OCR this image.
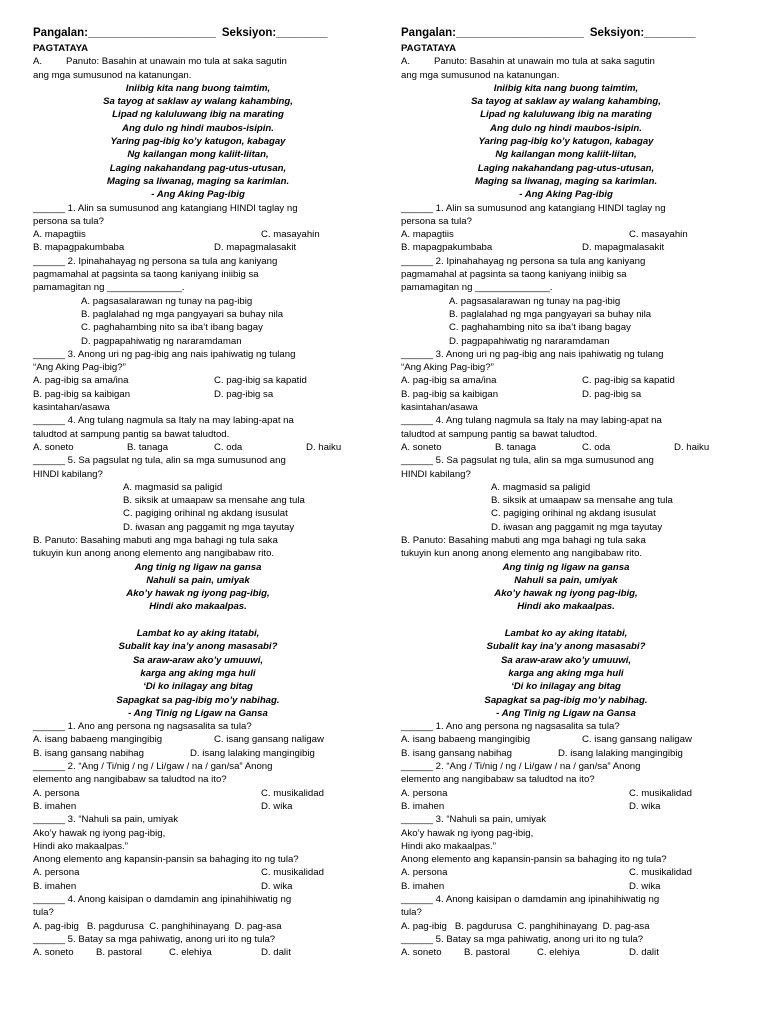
Pangalan:____________________ Seksiyon:________
PAGTATAYA
A.         Panuto: Basahin at unawain mo tula at saka sagutin
ang mga sumusunod na katanungan.
Iniibig kita nang buong taimtim,
Sa tayog at saklaw ay walang kahambing,
Lipad ng kaluluwang ibig na marating
Ang dulo ng hindi maubos-isipin.
Yaring pag-ibig ko’y katugon, kabagay
Ng kailangan mong kaliit-liitan,
Laging nakahandang pag-utus-utusan,
Maging sa liwanag, maging sa karimlan.
- Ang Aking Pag-ibig
______ 1. Alin sa sumusunod ang katangiang HINDI taglay ng
persona sa tula?
A. mapagtiis	C. masayahin
B. mapagpakumbaba	D. mapagmalasakit
______ 2. Ipinahahayag ng persona sa tula ang kaniyang
pagmamahal at pagsinta sa taong kaniyang iniibig sa
pamamagitan ng ______________.
A. pagsasalarawan ng tunay na pag-ibig
B. paglalahad ng mga pangyayari sa buhay nila
C. paghahambing nito sa iba’t ibang bagay
D. pagpapahiwatig ng nararamdaman
______ 3. Anong uri ng pag-ibig ang nais ipahiwatig ng tulang
“Ang Aking Pag-ibig?”
A. pag-ibig sa ama/ina	C. pag-ibig sa kapatid
B. pag-ibig sa kaibigan	D. pag-ibig sa
kasintahan/asawa
______ 4. Ang tulang nagmula sa Italy na may labing-apat na
taludtod at sampung pantig sa bawat taludtod.
A. soneto	B. tanaga	C. oda	D. haiku
______ 5. Sa pagsulat ng tula, alin sa mga sumusunod ang
HINDI kabilang?
A. magmasid sa paligid
B. siksik at umaapaw sa mensahe ang tula
C. pagiging orihinal ng akdang isusulat
D. iwasan ang paggamit ng mga tayutay
B. Panuto: Basahing mabuti ang mga bahagi ng tula saka
tukuyin kun anong anong elemento ang nangibabaw rito.
Ang tinig ng ligaw na gansa
Nahuli sa pain, umiyak
Ako’y hawak ng iyong pag-ibig,
Hindi ako makaalpas.
Lambat ko ay aking itatabi,
Subalit kay ina’y anong masasabi?
Sa araw-araw ako’y umuuwi,
karga ang aking mga huli
‘Di ko inilagay ang bitag
Sapagkat sa pag-ibig mo’y nabihag.
- Ang Tinig ng Ligaw na Gansa
______ 1. Ano ang persona ng nagsasalita sa tula?
A. isang babaeng mangingibig	C. isang gansang naligaw
B. isang gansang nabihag	D. isang lalaking mangingibig
______ 2. “Ang / Ti/nig / ng / Li/gaw / na / gan/sa” Anong
elemento ang nangibabaw sa taludtod na ito?
A. persona	C. musikalidad
B. imahen	D. wika
______ 3. “Nahuli sa pain, umiyak
Ako’y hawak ng iyong pag-ibig,
Hindi ako makaalpas.”
Anong elemento ang kapansin-pansin sa bahaging ito ng tula?
A. persona	C. musikalidad
B. imahen	D. wika
______ 4. Anong kaisipan o damdamin ang ipinahihiwatig ng
tula?
A. pag-ibig   B. pagdurusa  C. panghihinayang  D. pag-asa
______ 5. Batay sa mga pahiwatig, anong uri ito ng tula?
A. soneto B. pastoral	C. elehiya	D. dalit
Pangalan:____________________ Seksiyon:________
PAGTATAYA
A.         Panuto: Basahin at unawain mo tula at saka sagutin
ang mga sumusunod na katanungan.
Iniibig kita nang buong taimtim,
Sa tayog at saklaw ay walang kahambing,
Lipad ng kaluluwang ibig na marating
Ang dulo ng hindi maubos-isipin.
Yaring pag-ibig ko’y katugon, kabagay
Ng kailangan mong kaliit-liitan,
Laging nakahandang pag-utus-utusan,
Maging sa liwanag, maging sa karimlan.
- Ang Aking Pag-ibig
______ 1. Alin sa sumusunod ang katangiang HINDI taglay ng
persona sa tula?
A. mapagtiis	C. masayahin
B. mapagpakumbaba	D. mapagmalasakit
______ 2. Ipinahahayag ng persona sa tula ang kaniyang
pagmamahal at pagsinta sa taong kaniyang iniibig sa
pamamagitan ng ______________.
A. pagsasalarawan ng tunay na pag-ibig
B. paglalahad ng mga pangyayari sa buhay nila
C. paghahambing nito sa iba’t ibang bagay
D. pagpapahiwatig ng nararamdaman
______ 3. Anong uri ng pag-ibig ang nais ipahiwatig ng tulang
“Ang Aking Pag-ibig?”
A. pag-ibig sa ama/ina	C. pag-ibig sa kapatid
B. pag-ibig sa kaibigan	D. pag-ibig sa
kasintahan/asawa
______ 4. Ang tulang nagmula sa Italy na may labing-apat na
taludtod at sampung pantig sa bawat taludtod.
A. soneto	B. tanaga	C. oda	D. haiku
______ 5. Sa pagsulat ng tula, alin sa mga sumusunod ang
HINDI kabilang?
A. magmasid sa paligid
B. siksik at umaapaw sa mensahe ang tula
C. pagiging orihinal ng akdang isusulat
D. iwasan ang paggamit ng mga tayutay
B. Panuto: Basahing mabuti ang mga bahagi ng tula saka
tukuyin kun anong anong elemento ang nangibabaw rito.
Ang tinig ng ligaw na gansa
Nahuli sa pain, umiyak
Ako’y hawak ng iyong pag-ibig,
Hindi ako makaalpas.
Lambat ko ay aking itatabi,
Subalit kay ina’y anong masasabi?
Sa araw-araw ako’y umuuwi,
karga ang aking mga huli
‘Di ko inilagay ang bitag
Sapagkat sa pag-ibig mo’y nabihag.
- Ang Tinig ng Ligaw na Gansa
______ 1. Ano ang persona ng nagsasalita sa tula?
A. isang babaeng mangingibig	C. isang gansang naligaw
B. isang gansang nabihag	D. isang lalaking mangingibig
______ 2. “Ang / Ti/nig / ng / Li/gaw / na / gan/sa” Anong
elemento ang nangibabaw sa taludtod na ito?
A. persona	C. musikalidad
B. imahen	D. wika
______ 3. “Nahuli sa pain, umiyak
Ako’y hawak ng iyong pag-ibig,
Hindi ako makaalpas.”
Anong elemento ang kapansin-pansin sa bahaging ito ng tula?
A. persona	C. musikalidad
B. imahen	D. wika
______ 4. Anong kaisipan o damdamin ang ipinahihiwatig ng
tula?
A. pag-ibig   B. pagdurusa  C. panghihinayang  D. pag-asa
______ 5. Batay sa mga pahiwatig, anong uri ito ng tula?
A. soneto B. pastoral	C. elehiya	D. dalit
